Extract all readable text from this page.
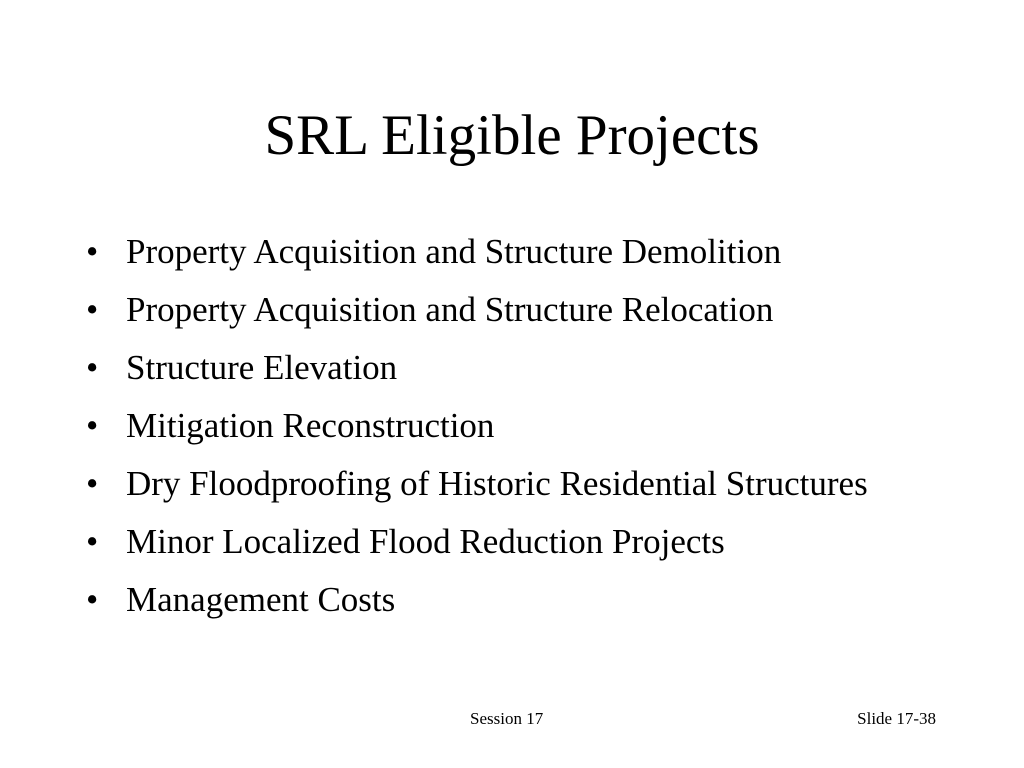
SRL Eligible Projects
• Property Acquisition and Structure Demolition
• Property Acquisition and Structure Relocation
• Structure Elevation
• Mitigation Reconstruction
• Dry Floodproofing of Historic Residential Structures
• Minor Localized Flood Reduction Projects
• Management Costs
Session 17	Slide 17-38
